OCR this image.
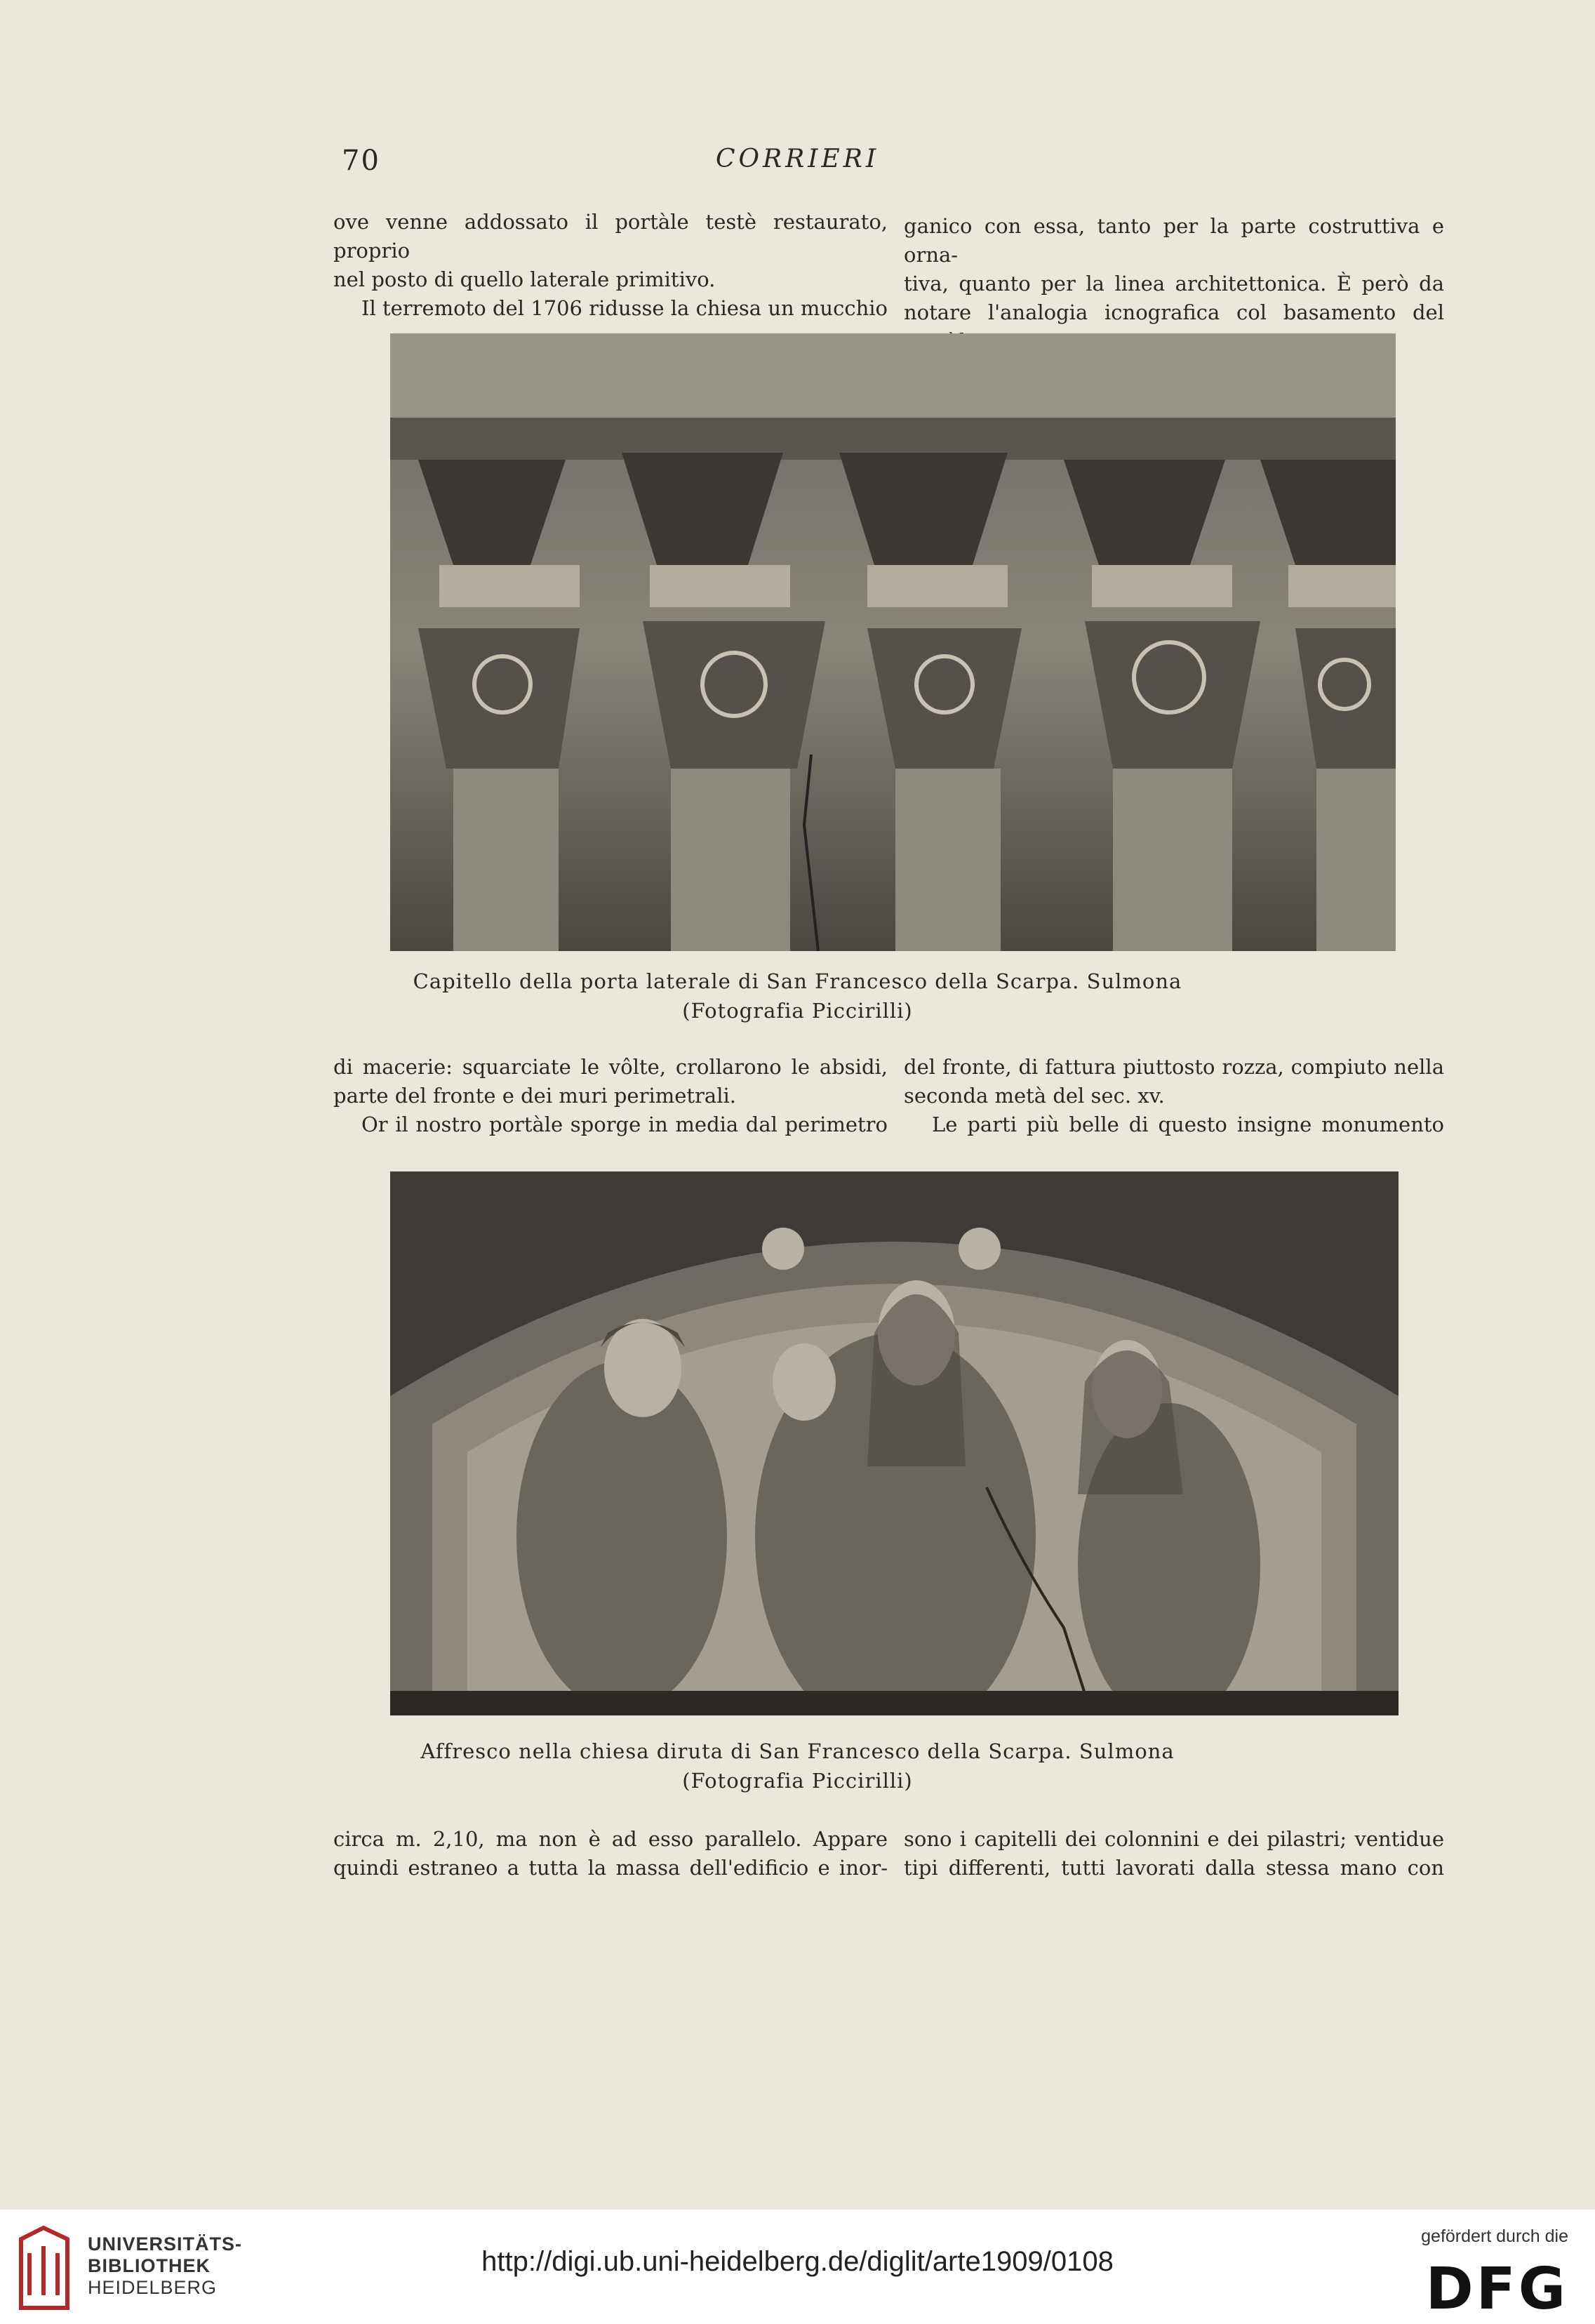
70	CORRIERI

ove venne addossato il portàle testè restaurato, proprio

nel posto di quello laterale primitivo.

Il terremoto del 1706 ridusse la chiesa un mucchio

ganico con essa, tanto per la parte costruttiva e orna-

tiva, quanto per la linea architettonica. È però da

notare l'analogia icnografica col basamento del

Capitello della porta laterale di San Francesco della Scarpa. Sulmona
(Fotografia Piccirilli)

di macerie: squarciate le vôlte, crollarono le absidi,

parte del fronte e dei muri perimetrali.

Or il nostro portàle sporge in media dal perimetro

del fronte, di fattura piuttosto rozza, compiuto nella

seconda metà del sec. xv.

Le parti più belle di questo insigne monumento

Affresco nella chiesa diruta di San Francesco della Scarpa. Sulmona
(Fotografia Piccirilli)

circa m. 2,10, ma non è ad esso parallelo. Appare

quindi estraneo a tutta la massa dell'edificio e inor-

sono i capitelli dei colonnini e dei pilastri; ventidue

tipi differenti, tutti lavorati dalla stessa mano con

UNIVERSITÄTS-
BIBLIOTHEK
HEIDELBERG
http://digi.ub.uni-heidelberg.de/diglit/arte1909/0108
gefördert durch die
DFG
